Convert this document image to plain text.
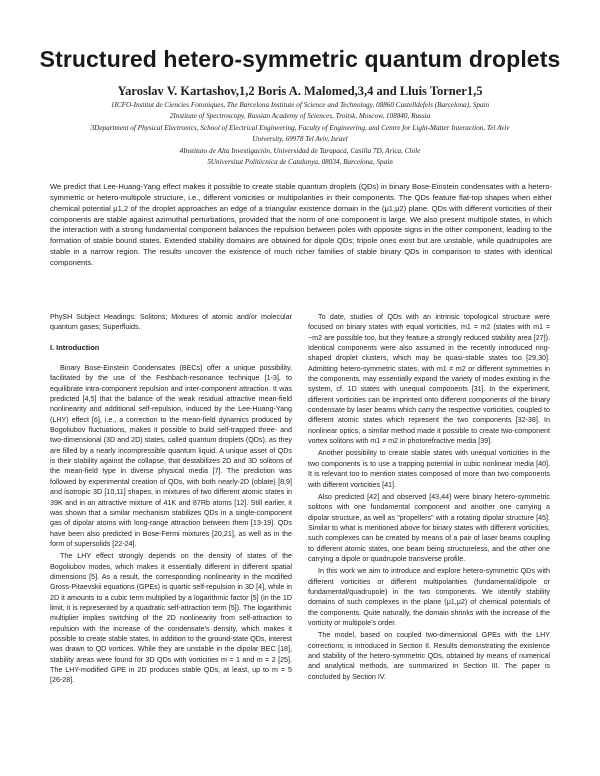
Structured hetero-symmetric quantum droplets
Yaroslav V. Kartashov,1,2 Boris A. Malomed,3,4 and Lluis Torner1,5
1ICFO-Institut de Ciencies Fotoniques, The Barcelona Institute of Science and Technology, 08860 Castelldefels (Barcelona), Spain
2Institute of Spectroscopy, Russian Academy of Sciences, Troitsk, Moscow, 108840, Russia
3Department of Physical Electronics, School of Electrical Engineering, Faculty of Engineering, and Centre for Light-Matter Interaction, Tel Aviv
University, 69978 Tel Aviv, Israel
4Instituto de Alta Investigación, Universidad de Tarapacá, Casilla 7D, Arica, Chile
5Universitat Politècnica de Catalunya, 08034, Barcelona, Spain
We predict that Lee-Huang-Yang effect makes it possible to create stable quantum droplets (QDs) in binary Bose-Einstein condensates with a hetero-symmetric or hetero-multipole structure, i.e., different vorticities or multipolarities in their components. The QDs feature flat-top shapes when either chemical potential μ1,2 of the droplet approaches an edge of a triangular existence domain in the (μ1,μ2) plane. QDs with different vorticities of their components are stable against azimuthal perturbations, provided that the norm of one component is large. We also present multipole states, in which the interaction with a strong fundamental component balances the repulsion between poles with opposite signs in the other component, leading to the formation of stable bound states. Extended stability domains are obtained for dipole QDs; tripole ones exist but are unstable, while quadrupoles are stable in a narrow region. The results uncover the existence of much richer families of stable binary QDs in comparison to states with identical components.

PhySH Subject Headings: Solitons; Mixtures of atomic and/or molecular quantum gases; Superfluids.

I. Introduction

Binary Bose-Einstein Condensates (BECs) offer a unique possibility, facilitated by the use of the Feshbach-resonance technique [1-3], to equilibrate intra-component repulsion and inter-component attraction. It was predicted [4,5] that the balance of the weak residual attractive mean-field nonlinearity and additional self-repulsion, induced by the Lee-Huang-Yang (LHY) effect [6], i.e., a correction to the mean-field dynamics produced by Bogoliubov fluctuations, makes it possible to build self-trapped three- and two-dimensional (3D and 2D) states, called quantum droplets (QDs), as they are filled by a nearly incompressible quantum liquid. A unique asset of QDs is their stability against the collapse, that destabilizes 2D and 3D solitons of the mean-field type in diverse physical media [7]. The prediction was followed by experimental creation of QDs, with both nearly-2D (oblate) [8,9] and isotropic 3D [10,11] shapes, in mixtures of two different atomic states in 39K and in an attractive mixture of 41K and 87Rb atoms [12]. Still earlier, it was shown that a similar mechanism stabilizes QDs in a single-component gas of dipolar atoms with long-range attraction between them [13-19]. QDs have been also predicted in Bose-Fermi mixtures [20,21], as well as in the form of supersolids [22-24].

The LHY effect strongly depends on the density of states of the Bogoliubov modes, which makes it essentially different in different spatial dimensions [5]. As a result, the corresponding nonlinearity in the modified Gross-Pitaevskii equations (GPEs) is quartic self-repulsion in 3D [4], while in 2D it amounts to a cubic term multiplied by a logarithmic factor [5] (in the 1D limit, it is represented by a quadratic self-attraction term [5]). The logarithmic multiplier implies switching of the 2D nonlinearity from self-attraction to repulsion with the increase of the condensate's density, which makes it possible to create stable states. In addition to the ground-state QDs, interest was drawn to QD vortices. While they are unstable in the dipolar BEC [18], stability areas were found for 3D QDs with vorticities m = 1 and m = 2 [25]. The LHY-modified GPE in 2D produces stable QDs, at least, up to m = 5 [26-28].

To date, studies of QDs with an intrinsic topological structure were focused on binary states with equal vorticities, m1 = m2 (states with m1 = −m2 are possible too, but they feature a strongly reduced stability area [27]). Identical components were also assumed in the recently introduced ring-shaped droplet clusters, which may be quasi-stable states too [29,30]. Admitting hetero-symmetric states, with m1 ≠ m2 or different symmetries in the components, may essentially expand the variety of modes existing in the system, cf. 1D states with unequal components [31]. In the experiment, different vorticities can be imprinted onto different components of the binary condensate by laser beams which carry the respective vorticities, coupled to different atomic states which represent the two components [32-38]. In nonlinear optics, a similar method made it possible to create two-component vortex solitons with m1 ≠ m2 in photorefractive media [39].

Another possibility to create stable states with unequal vorticities in the two components is to use a trapping potential in cubic nonlinear media [40]. It is relevant too to mention states composed of more than two components with different vorticities [41].

Also predicted [42] and observed [43,44] were binary hetero-symmetric solitons with one fundamental component and another one carrying a dipolar structure, as well as "propellers" with a rotating dipolar structure [45]. Similar to what is mentioned above for binary states with different vorticities, such complexes can be created by means of a pair of laser beams coupling to different atomic states, one beam being structureless, and the other one carrying a dipole or quadrupole transverse profile.

In this work we aim to introduce and explore hetero-symmetric QDs with different vorticities or different multipolarities (fundamental/dipole or fundamental/quadrupole) in the two components. We identify stability domains of such complexes in the plane (μ1,μ2) of chemical potentials of the components. Quite naturally, the domain shrinks with the increase of the vorticity or multipole's order.

The model, based on coupled two-dimensional GPEs with the LHY corrections, is introduced in Section II. Results demonstrating the existence and stability of the hetero-symmetric QDs, obtained by means of numerical and analytical methods, are summarized in Section III. The paper is concluded by Section IV.
